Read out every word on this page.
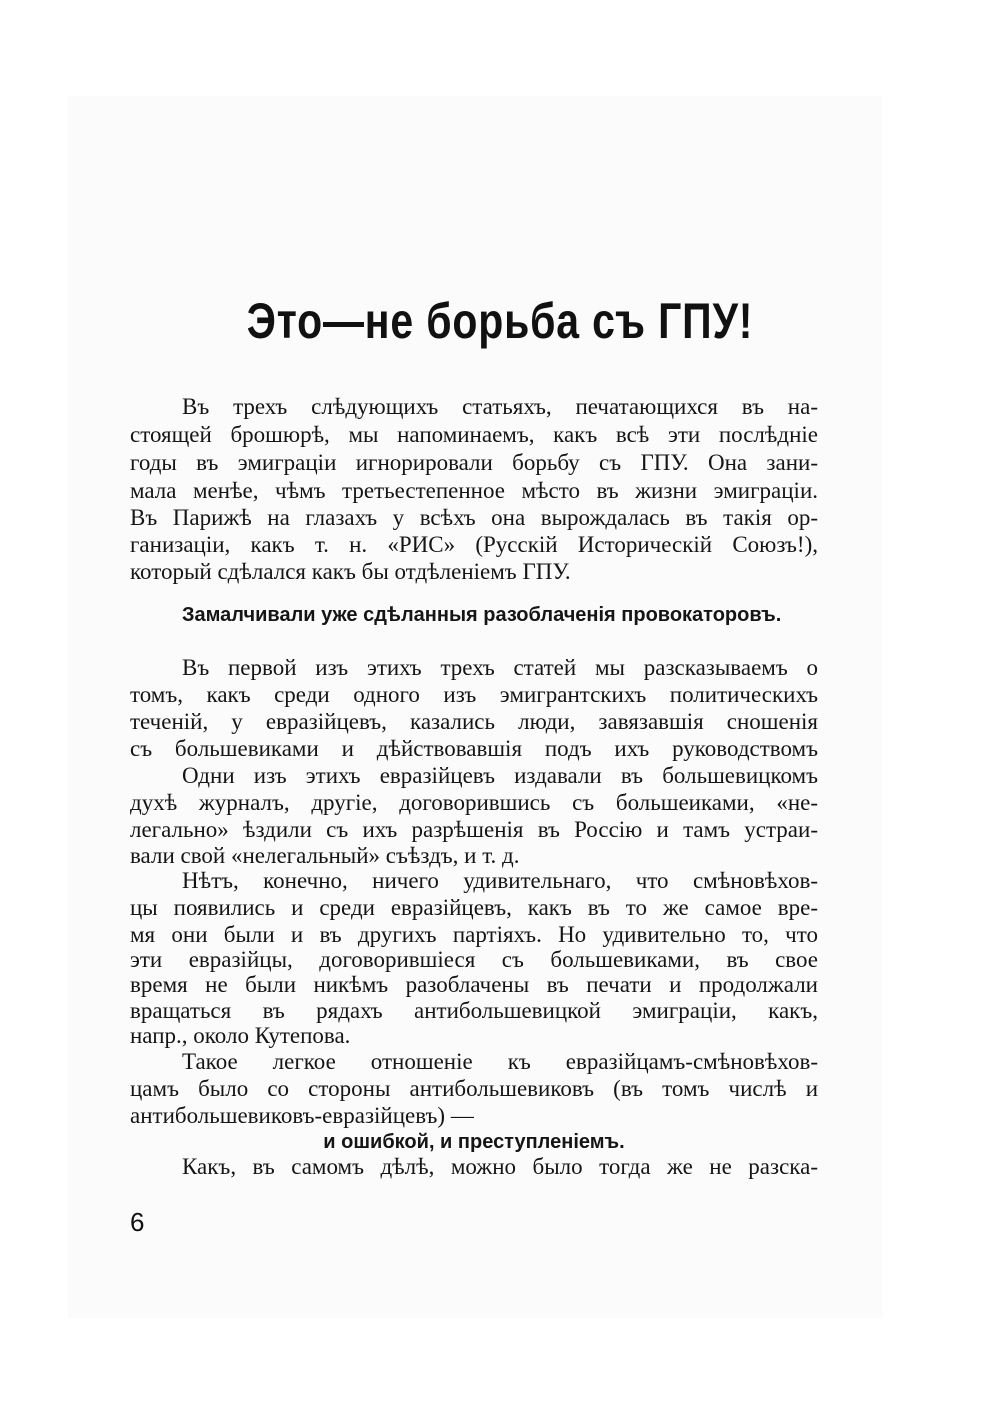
Это—не борьба съ ГПУ!
Въ трехъ слѣдующихъ статьяхъ, печатающихся въ на-
стоящей брошюрѣ, мы напоминаемъ, какъ всѣ эти послѣдніе
годы въ эмиграціи игнорировали борьбу съ ГПУ. Она зани-
мала менѣе, чѣмъ третьестепенное мѣсто въ жизни эмиграціи.
Въ Парижѣ на глазахъ у всѣхъ она вырождалась въ такія ор-
ганизаціи, какъ т. н. «РИС» (Русскій Историческій Союзъ!),
который сдѣлался какъ бы отдѣленіемъ ГПУ.
Замалчивали уже сдѣланныя разоблаченія провокаторовъ.
Въ первой изъ этихъ трехъ статей мы разсказываемъ о
томъ, какъ среди одного изъ эмигрантскихъ политическихъ
теченій, у евразійцевъ, казались люди, завязавшія сношенія
съ большевиками и дѣйствовавшія подъ ихъ руководствомъ
Одни изъ этихъ евразійцевъ издавали въ большевицкомъ
духѣ журналъ, другіе, договорившись съ большеиками, «не-
легально» ѣздили съ ихъ разрѣшенія въ Россію и тамъ устраи-
вали свой «нелегальный» съѣздъ, и т. д.
Нѣтъ, конечно, ничего удивительнаго, что смѣновѣхов-
цы появились и среди евразійцевъ, какъ въ то же самое вре-
мя они были и въ другихъ партіяхъ. Но удивительно то, что
эти евразійцы, договорившіеся съ большевиками, въ свое
время не были никѣмъ разоблачены въ печати и продолжали
вращаться въ рядахъ антибольшевицкой эмиграціи, какъ,
напр., около Кутепова.
Такое легкое отношеніе къ евразійцамъ-смѣновѣхов-
цамъ было со стороны антибольшевиковъ (въ томъ числѣ и
антибольшевиковъ-евразійцевъ) —
и ошибкой, и преступленіемъ.
Какъ, въ самомъ дѣлѣ, можно было тогда же не разска-
6
